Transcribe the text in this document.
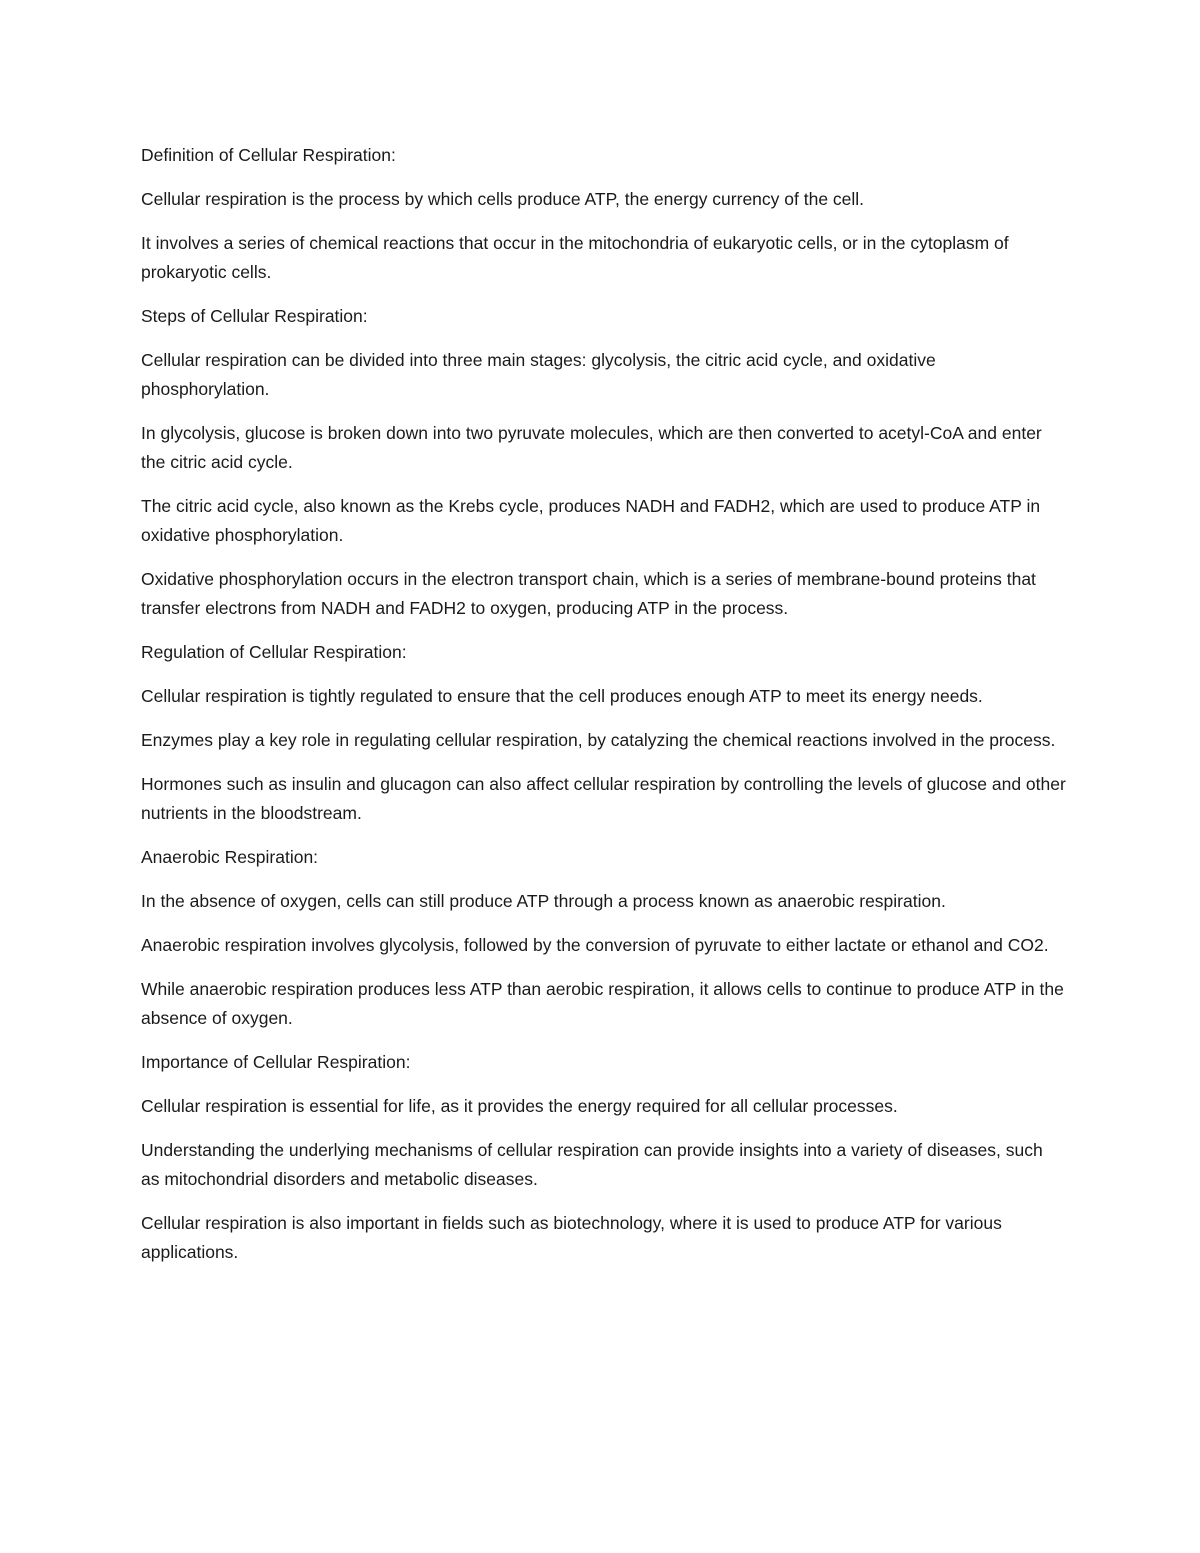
Definition of Cellular Respiration:

Cellular respiration is the process by which cells produce ATP, the energy currency of the cell.

It involves a series of chemical reactions that occur in the mitochondria of eukaryotic cells, or in the cytoplasm of prokaryotic cells.

Steps of Cellular Respiration:

Cellular respiration can be divided into three main stages: glycolysis, the citric acid cycle, and oxidative phosphorylation.

In glycolysis, glucose is broken down into two pyruvate molecules, which are then converted to acetyl-CoA and enter the citric acid cycle.

The citric acid cycle, also known as the Krebs cycle, produces NADH and FADH2, which are used to produce ATP in oxidative phosphorylation.

Oxidative phosphorylation occurs in the electron transport chain, which is a series of membrane-bound proteins that transfer electrons from NADH and FADH2 to oxygen, producing ATP in the process.

Regulation of Cellular Respiration:

Cellular respiration is tightly regulated to ensure that the cell produces enough ATP to meet its energy needs.

Enzymes play a key role in regulating cellular respiration, by catalyzing the chemical reactions involved in the process.

Hormones such as insulin and glucagon can also affect cellular respiration by controlling the levels of glucose and other nutrients in the bloodstream.

Anaerobic Respiration:

In the absence of oxygen, cells can still produce ATP through a process known as anaerobic respiration.

Anaerobic respiration involves glycolysis, followed by the conversion of pyruvate to either lactate or ethanol and CO2.

While anaerobic respiration produces less ATP than aerobic respiration, it allows cells to continue to produce ATP in the absence of oxygen.

Importance of Cellular Respiration:

Cellular respiration is essential for life, as it provides the energy required for all cellular processes.

Understanding the underlying mechanisms of cellular respiration can provide insights into a variety of diseases, such as mitochondrial disorders and metabolic diseases.

Cellular respiration is also important in fields such as biotechnology, where it is used to produce ATP for various applications.
